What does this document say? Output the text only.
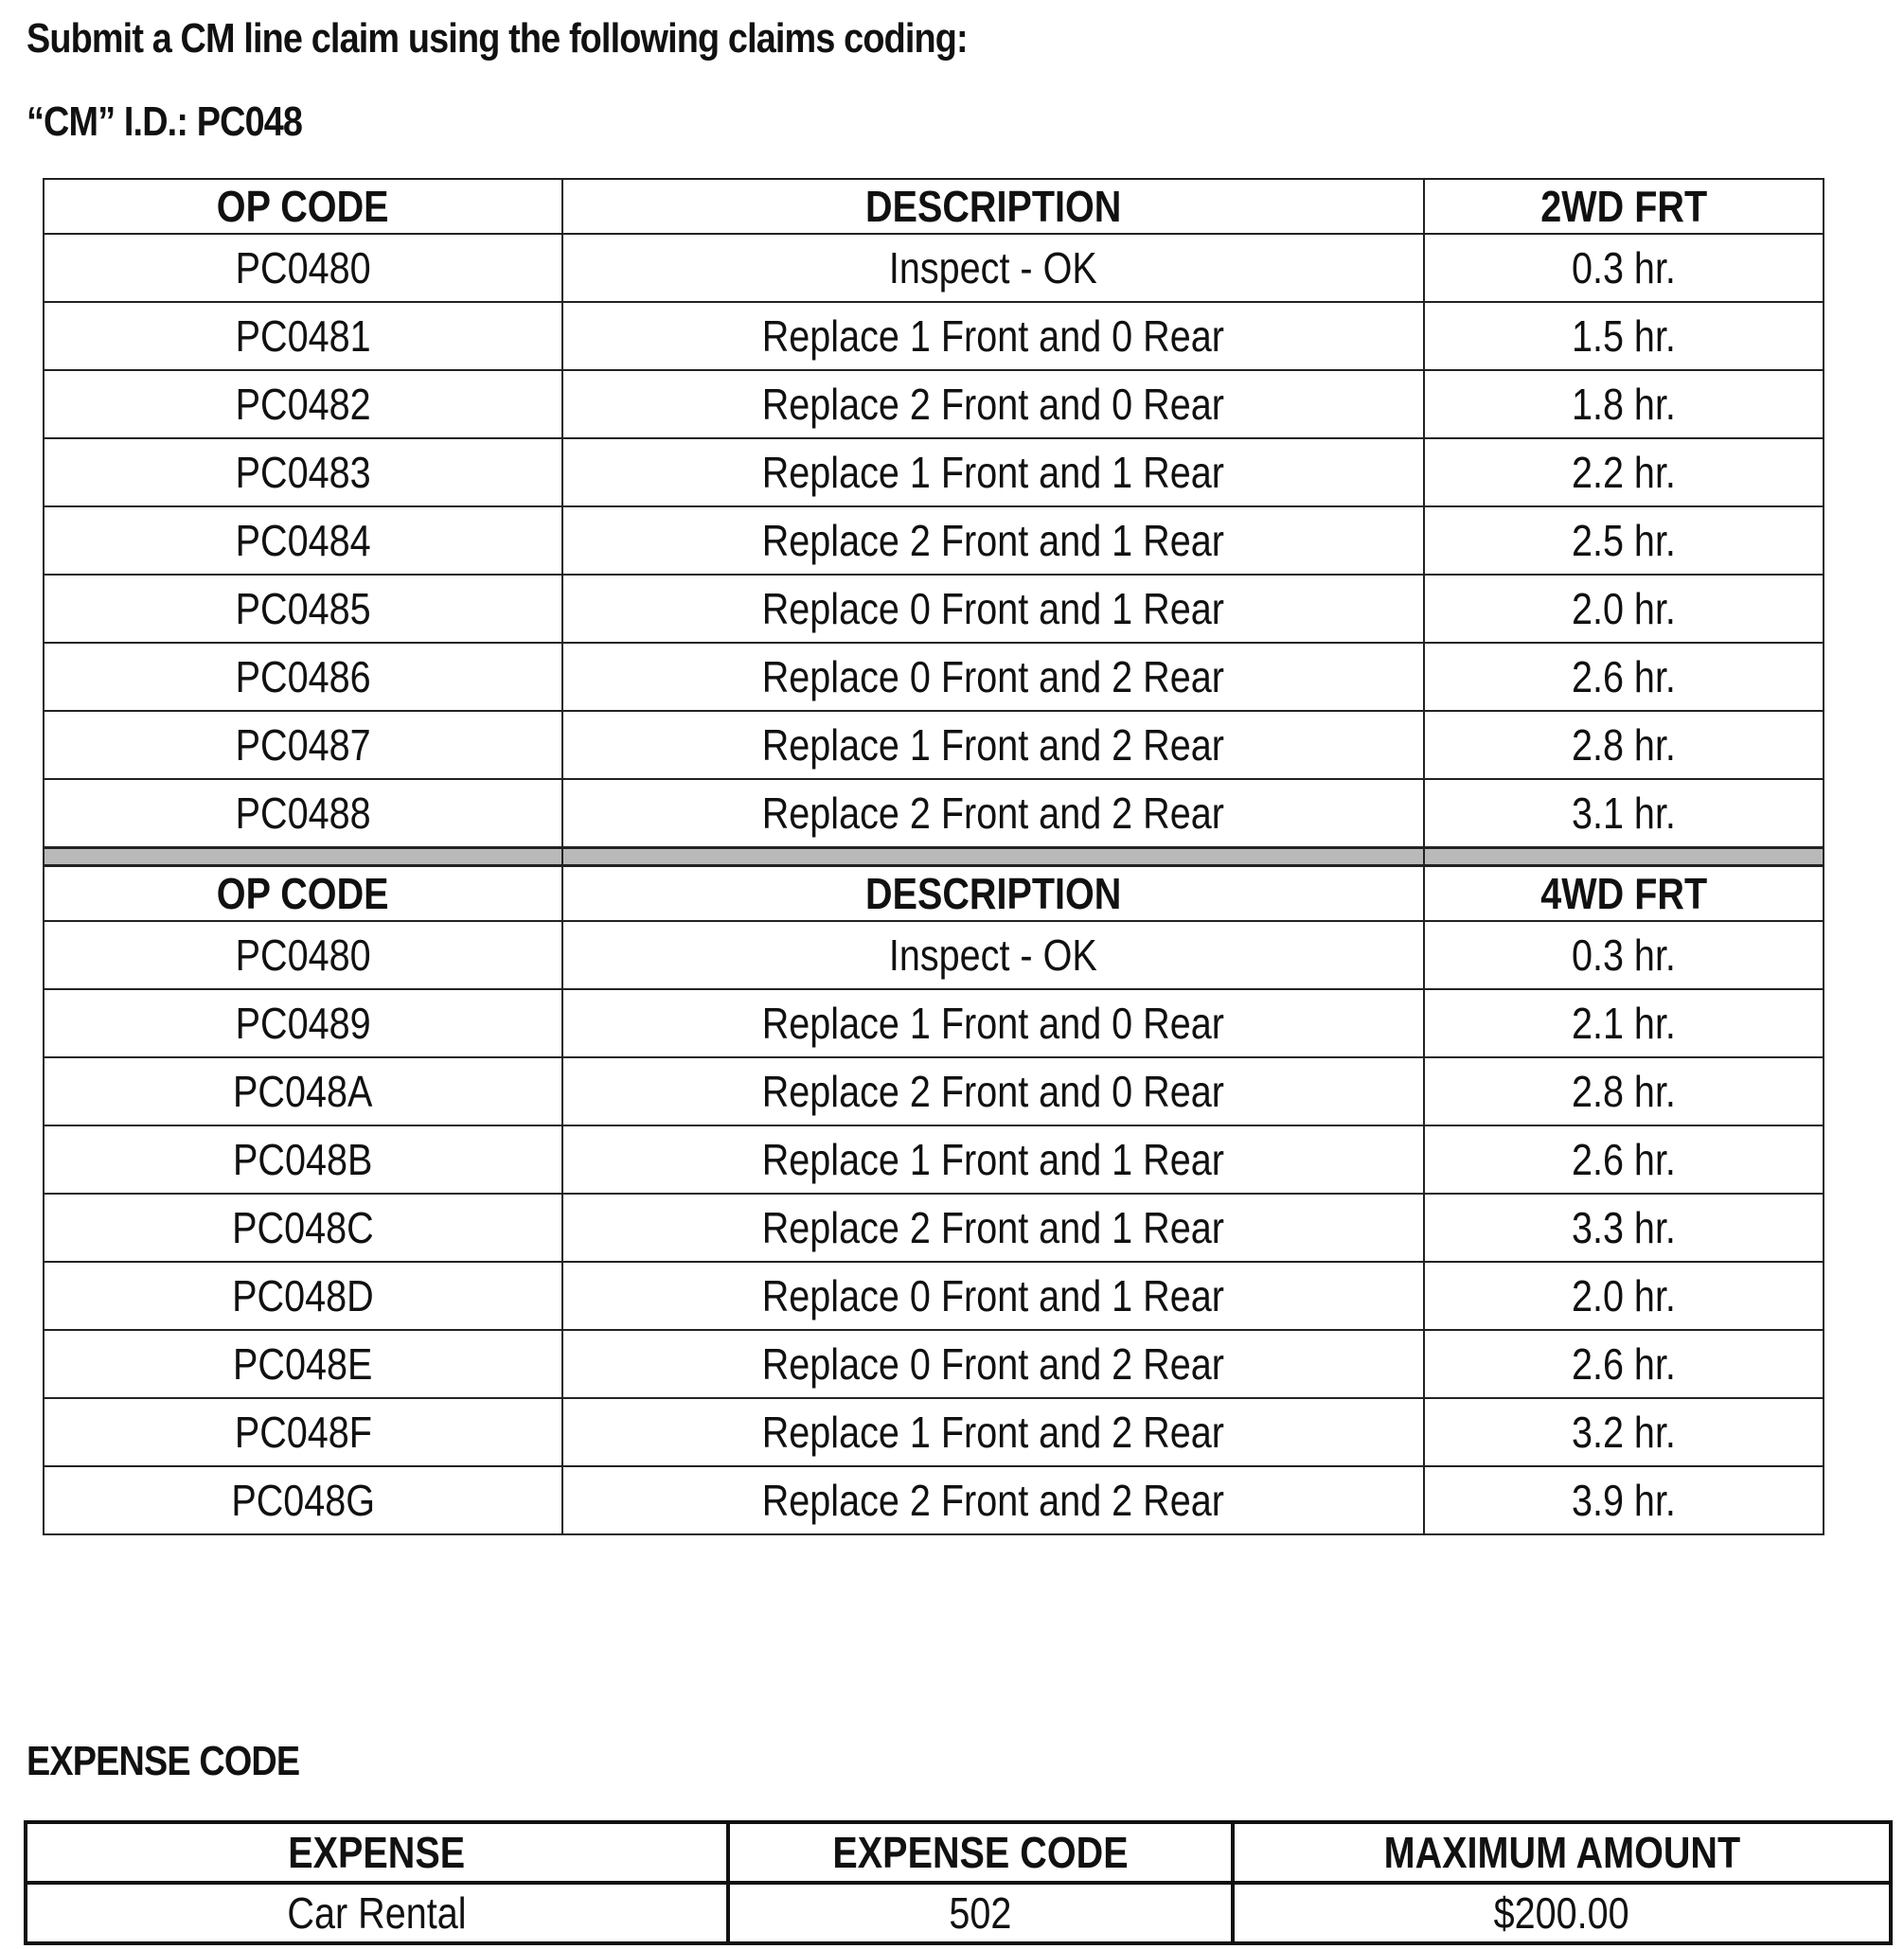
Submit a CM line claim using the following claims coding:
“CM” I.D.: PC048
OP CODE	DESCRIPTION	2WD FRT
PC0480	Inspect - OK	0.3 hr.
PC0481	Replace 1 Front and 0 Rear	1.5 hr.
PC0482	Replace 2 Front and 0 Rear	1.8 hr.
PC0483	Replace 1 Front and 1 Rear	2.2 hr.
PC0484	Replace 2 Front and 1 Rear	2.5 hr.
PC0485	Replace 0 Front and 1 Rear	2.0 hr.
PC0486	Replace 0 Front and 2 Rear	2.6 hr.
PC0487	Replace 1 Front and 2 Rear	2.8 hr.
PC0488	Replace 2 Front and 2 Rear	3.1 hr.

OP CODE	DESCRIPTION	4WD FRT
PC0480	Inspect - OK	0.3 hr.
PC0489	Replace 1 Front and 0 Rear	2.1 hr.
PC048A	Replace 2 Front and 0 Rear	2.8 hr.
PC048B	Replace 1 Front and 1 Rear	2.6 hr.
PC048C	Replace 2 Front and 1 Rear	3.3 hr.
PC048D	Replace 0 Front and 1 Rear	2.0 hr.
PC048E	Replace 0 Front and 2 Rear	2.6 hr.
PC048F	Replace 1 Front and 2 Rear	3.2 hr.
PC048G	Replace 2 Front and 2 Rear	3.9 hr.
EXPENSE CODE
EXPENSE	EXPENSE CODE	MAXIMUM AMOUNT
Car Rental	502	$200.00
